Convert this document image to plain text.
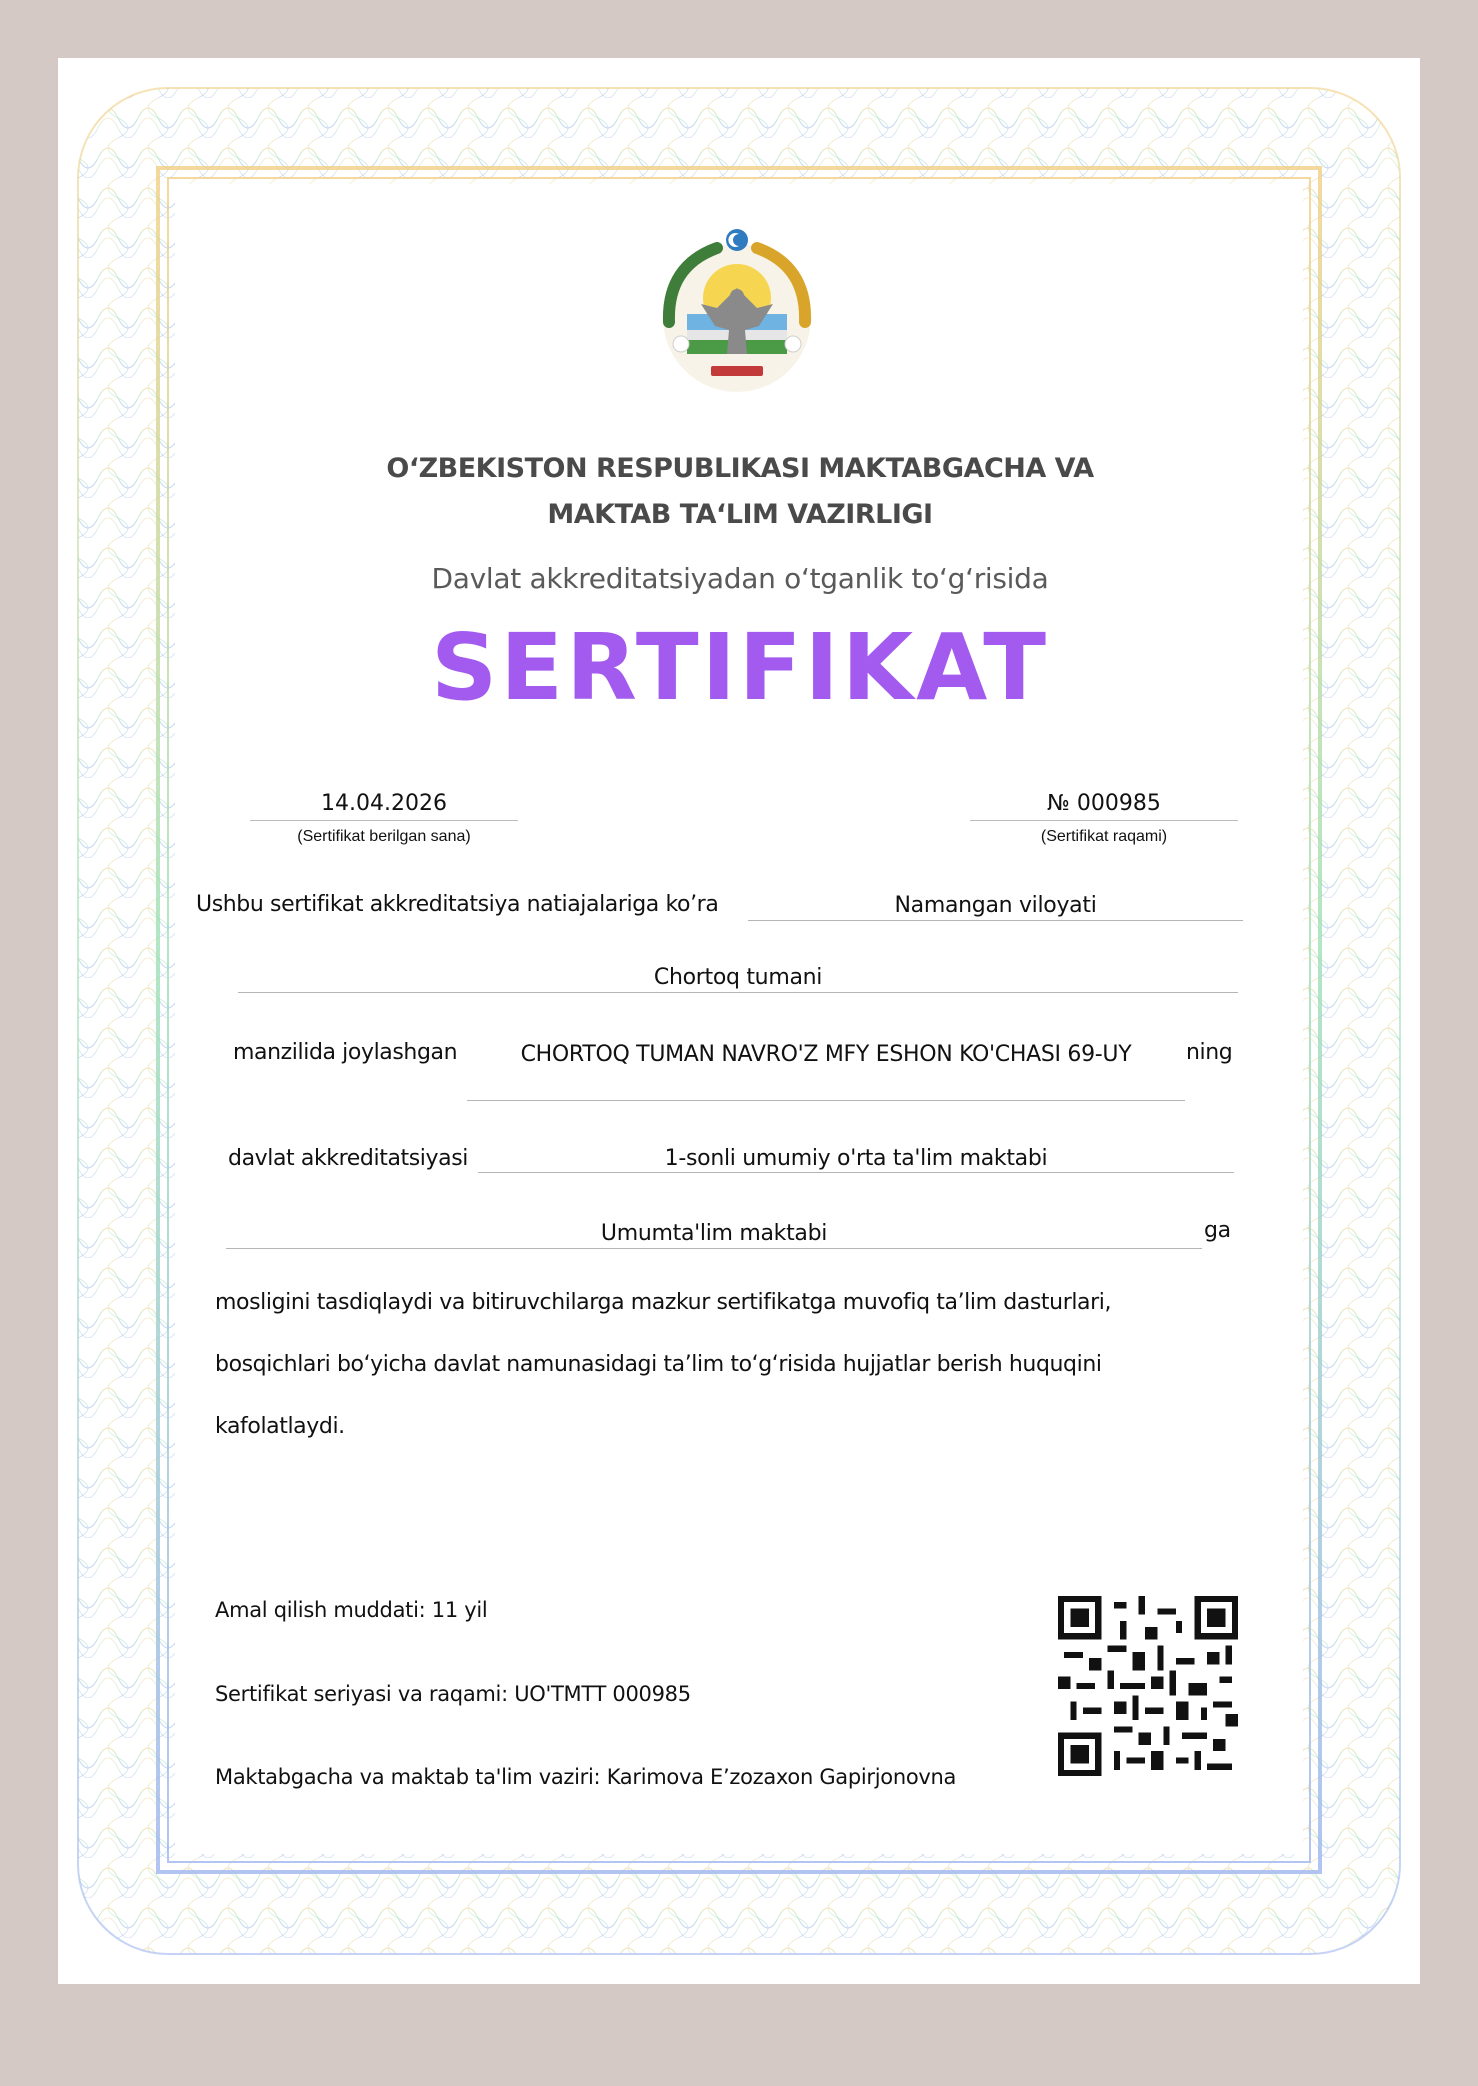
O‘ZBEKISTON RESPUBLIKASI MAKTABGACHA VA
MAKTAB TA‘LIM VAZIRLIGI
Davlat akkreditatsiyadan o‘tganlik to‘g‘risida
SERTIFIKAT
14.04.2026
(Sertifikat berilgan sana)
№ 000985
(Sertifikat raqami)
Ushbu sertifikat akkreditatsiya natiajalariga ko’ra	Namangan viloyati
Chortoq tumani
manzilida joylashgan	CHORTOQ TUMAN NAVRO'Z MFY ESHON KO'CHASI 69-UY	ning
davlat akkreditatsiyasi	1-sonli umumiy o'rta ta'lim maktabi
Umumta'lim maktabi	ga
mosligini tasdiqlaydi va bitiruvchilarga mazkur sertifikatga muvofiq ta’lim dasturlari,
bosqichlari bo‘yicha davlat namunasidagi ta’lim to‘g‘risida hujjatlar berish huquqini
kafolatlaydi.
Amal qilish muddati: 11 yil
Sertifikat seriyasi va raqami: UO'TMTT 000985
Maktabgacha va maktab ta'lim vaziri: Karimova E’zozaxon Gapirjonovna
